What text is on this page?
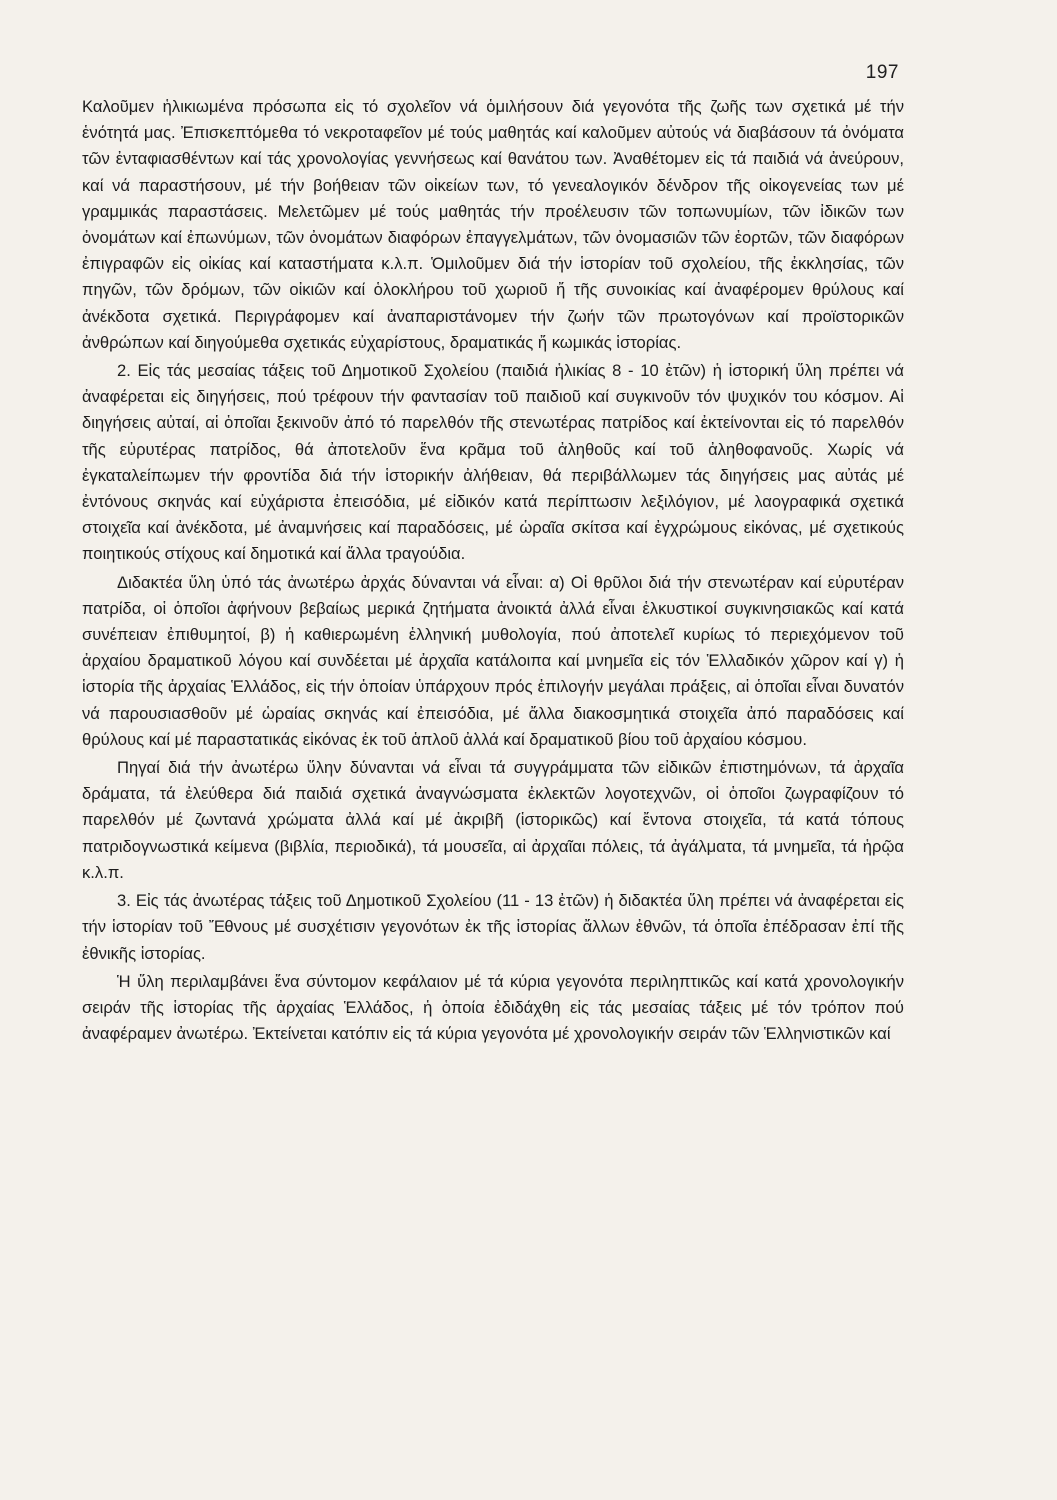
197

Καλοῦμεν ἡλικιωμένα πρόσωπα εἰς τό σχολεῖον νά ὁμιλήσουν διά γεγονότα τῆς ζωῆς των σχετικά μέ τήν ἑνότητά μας. Ἐπισκεπτόμεθα τό νεκροταφεῖον μέ τούς μαθητάς καί καλοῦμεν αὐτούς νά διαβάσουν τά ὀνόματα τῶν ἐνταφιασθέντων καί τάς χρονολογίας γεννήσεως καί θανάτου των. Ἀναθέτομεν εἰς τά παιδιά νά ἀνεύρουν, καί νά παραστήσουν, μέ τήν βοήθειαν τῶν οἰκείων των, τό γενεαλογικόν δένδρον τῆς οἰκογενείας των μέ γραμμικάς παραστάσεις. Μελετῶμεν μέ τούς μαθητάς τήν προέλευσιν τῶν τοπωνυμίων, τῶν ἰδικῶν των ὀνομάτων καί ἐπωνύμων, τῶν ὀνομάτων διαφόρων ἐπαγγελμάτων, τῶν ὀνομασιῶν τῶν ἑορτῶν, τῶν διαφόρων ἐπιγραφῶν εἰς οἰκίας καί καταστήματα κ.λ.π. Ὁμιλοῦμεν διά τήν ἱστορίαν τοῦ σχολείου, τῆς ἐκκλησίας, τῶν πηγῶν, τῶν δρόμων, τῶν οἰκιῶν καί ὁλοκλήρου τοῦ χωριοῦ ἤ τῆς συνοικίας καί ἀναφέρομεν θρύλους καί ἀνέκδοτα σχετικά. Περιγράφομεν καί ἀναπαριστάνομεν τήν ζωήν τῶν πρωτογόνων καί προϊστορικῶν ἀνθρώπων καί διηγούμεθα σχετικάς εὐχαρίστους, δραματικάς ἤ κωμικάς ἱστορίας.

2. Εἰς τάς μεσαίας τάξεις τοῦ Δημοτικοῦ Σχολείου (παιδιά ἡλικίας 8 - 10 ἐτῶν) ἡ ἱστορική ὕλη πρέπει νά ἀναφέρεται εἰς διηγήσεις, πού τρέφουν τήν φαντασίαν τοῦ παιδιοῦ καί συγκινοῦν τόν ψυχικόν του κόσμον. Αἱ διηγήσεις αὐταί, αἱ ὁποῖαι ξεκινοῦν ἀπό τό παρελθόν τῆς στενωτέρας πατρίδος καί ἐκτείνονται εἰς τό παρελθόν τῆς εὐρυτέρας πατρίδος, θά ἀποτελοῦν ἕνα κρᾶμα τοῦ ἀληθοῦς καί τοῦ ἀληθοφανοῦς. Χωρίς νά ἐγκαταλείπωμεν τήν φροντίδα διά τήν ἱστορικήν ἀλήθειαν, θά περιβάλλωμεν τάς διηγήσεις μας αὐτάς μέ ἐντόνους σκηνάς καί εὐχάριστα ἐπεισόδια, μέ εἰδικόν κατά περίπτωσιν λεξιλόγιον, μέ λαογραφικά σχετικά στοιχεῖα καί ἀνέκδοτα, μέ ἀναμνήσεις καί παραδόσεις, μέ ὡραῖα σκίτσα καί ἐγχρώμους εἰκόνας, μέ σχετικούς ποιητικούς στίχους καί δημοτικά καί ἄλλα τραγούδια.

Διδακτέα ὕλη ὑπό τάς ἀνωτέρω ἀρχάς δύνανται νά εἶναι: α) Οἱ θρῦλοι διά τήν στενωτέραν καί εὐρυτέραν πατρίδα, οἱ ὁποῖοι ἀφήνουν βεβαίως μερικά ζητήματα ἀνοικτά ἀλλά εἶναι ἑλκυστικοί συγκινησιακῶς καί κατά συνέπειαν ἐπιθυμητοί, β) ἡ καθιερωμένη ἑλληνική μυθολογία, πού ἀποτελεῖ κυρίως τό περιεχόμενον τοῦ ἀρχαίου δραματικοῦ λόγου καί συνδέεται μέ ἀρχαῖα κατάλοιπα καί μνημεῖα εἰς τόν Ἑλλαδικόν χῶρον καί γ) ἡ ἱστορία τῆς ἀρχαίας Ἑλλάδος, εἰς τήν ὁποίαν ὑπάρχουν πρός ἐπιλογήν μεγάλαι πράξεις, αἱ ὁποῖαι εἶναι δυνατόν νά παρουσιασθοῦν μέ ὡραίας σκηνάς καί ἐπεισόδια, μέ ἄλλα διακοσμητικά στοιχεῖα ἀπό παραδόσεις καί θρύλους καί μέ παραστατικάς εἰκόνας ἐκ τοῦ ἁπλοῦ ἀλλά καί δραματικοῦ βίου τοῦ ἀρχαίου κόσμου.

Πηγαί διά τήν ἀνωτέρω ὕλην δύνανται νά εἶναι τά συγγράμματα τῶν εἰδικῶν ἐπιστημόνων, τά ἀρχαῖα δράματα, τά ἐλεύθερα διά παιδιά σχετικά ἀναγνώσματα ἐκλεκτῶν λογοτεχνῶν, οἱ ὁποῖοι ζωγραφίζουν τό παρελθόν μέ ζωντανά χρώματα ἀλλά καί μέ ἀκριβῆ (ἱστορικῶς) καί ἔντονα στοιχεῖα, τά κατά τόπους πατριδογνωστικά κείμενα (βιβλία, περιοδικά), τά μουσεῖα, αἱ ἀρχαῖαι πόλεις, τά ἀγάλματα, τά μνημεῖα, τά ἡρῷα κ.λ.π.

3. Εἰς τάς ἀνωτέρας τάξεις τοῦ Δημοτικοῦ Σχολείου (11 - 13 ἐτῶν) ἡ διδακτέα ὕλη πρέπει νά ἀναφέρεται εἰς τήν ἱστορίαν τοῦ Ἔθνους μέ συσχέτισιν γεγονότων ἐκ τῆς ἱστορίας ἄλλων ἐθνῶν, τά ὁποῖα ἐπέδρασαν ἐπί τῆς ἐθνικῆς ἱστορίας.

Ἡ ὕλη περιλαμβάνει ἕνα σύντομον κεφάλαιον μέ τά κύρια γεγονότα περιληπτικῶς καί κατά χρονολογικήν σειράν τῆς ἱστορίας τῆς ἀρχαίας Ἑλλάδος, ἡ ὁποία ἐδιδάχθη εἰς τάς μεσαίας τάξεις μέ τόν τρόπον πού ἀναφέραμεν ἀνωτέρω. Ἐκτείνεται κατόπιν εἰς τά κύρια γεγονότα μέ χρονολογικήν σειράν τῶν Ἑλληνιστικῶν καί
